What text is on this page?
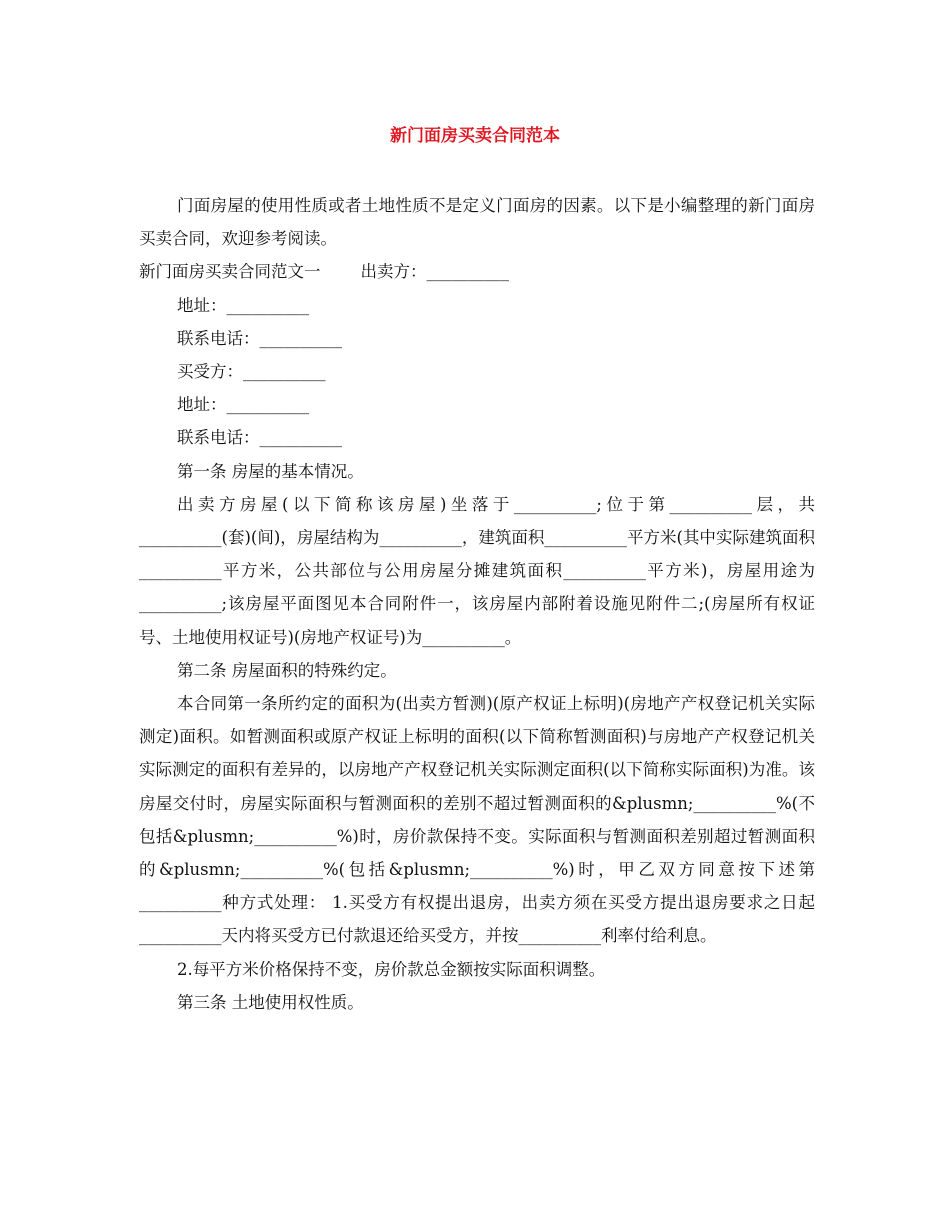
新门面房买卖合同范本

门面房屋的使用性质或者土地性质不是定义门面房的因素。以下是小编整理的新门面房买卖合同，欢迎参考阅读。

新门面房买卖合同范文一 出卖方：__________

地址：__________

联系电话：__________

买受方：__________

地址：__________

联系电话：__________

第一条 房屋的基本情况。

出卖方房屋(以下简称该房屋)坐落于__________;位于第__________层，共__________(套)(间)，房屋结构为__________，建筑面积__________平方米(其中实际建筑面积__________平方米，公共部位与公用房屋分摊建筑面积__________平方米)，房屋用途为__________;该房屋平面图见本合同附件一，该房屋内部附着设施见附件二;(房屋所有权证号、土地使用权证号)(房地产权证号)为__________。

第二条 房屋面积的特殊约定。

本合同第一条所约定的面积为(出卖方暂测)(原产权证上标明)(房地产产权登记机关实际测定)面积。如暂测面积或原产权证上标明的面积(以下简称暂测面积)与房地产产权登记机关实际测定的面积有差异的，以房地产产权登记机关实际测定面积(以下简称实际面积)为准。该房屋交付时，房屋实际面积与暂测面积的差别不超过暂测面积的&plusmn;__________%(不包括&plusmn;__________%)时，房价款保持不变。实际面积与暂测面积差别超过暂测面积的&plusmn;__________%(包括&plusmn;__________%)时，甲乙双方同意按下述第__________种方式处理： 1.买受方有权提出退房，出卖方须在买受方提出退房要求之日起__________天内将买受方已付款退还给买受方，并按__________利率付给利息。

2.每平方米价格保持不变，房价款总金额按实际面积调整。

第三条 土地使用权性质。
